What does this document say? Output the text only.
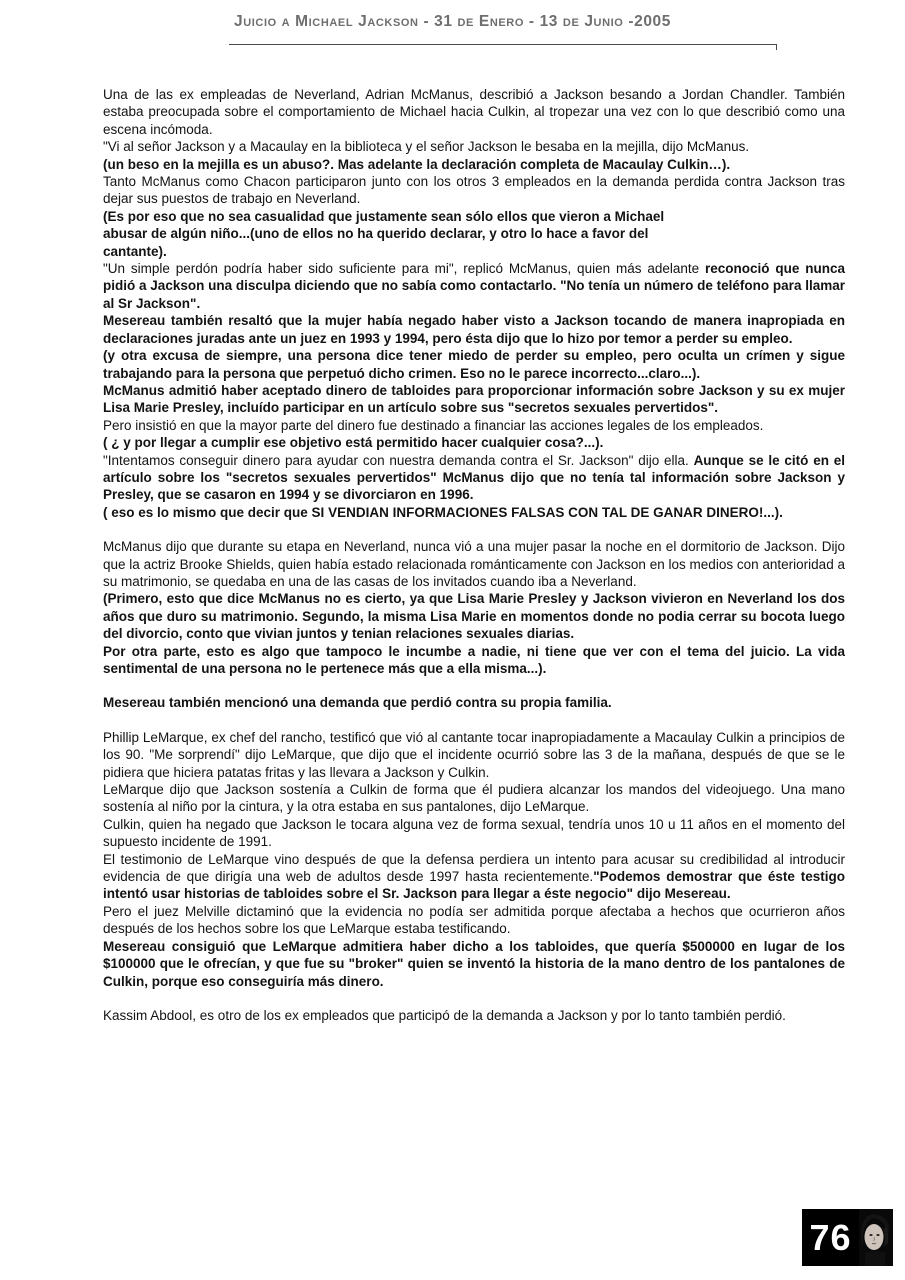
Juicio a Michael Jackson - 31 de Enero - 13 de Junio -2005

Una de las ex empleadas de Neverland, Adrian McManus, describió a Jackson besando a Jordan Chandler. También estaba preocupada sobre el comportamiento de Michael hacia Culkin, al tropezar una vez con lo que describió como una escena incómoda.

"Vi al señor Jackson y a Macaulay en la biblioteca y el señor Jackson le besaba en la mejilla, dijo McManus.

(un beso en la mejilla es un abuso?. Mas adelante la declaración completa de Macaulay Culkin…).

Tanto McManus como Chacon participaron junto con los otros 3 empleados en la demanda perdida contra Jackson tras dejar sus puestos de trabajo en Neverland.

(Es por eso que no sea casualidad que justamente sean sólo ellos que vieron a Michael

abusar de algún niño...(uno de ellos no ha querido declarar, y otro lo hace a favor del

cantante).

"Un simple perdón podría haber sido suficiente para mi", replicó McManus, quien más adelante reconoció que nunca pidió a Jackson una disculpa diciendo que no sabía como contactarlo. "No tenía un número de teléfono para llamar al Sr Jackson".

Mesereau también resaltó que la mujer había negado haber visto a Jackson tocando de manera inapropiada en declaraciones juradas ante un juez en 1993 y 1994, pero ésta dijo que lo hizo por temor a perder su empleo.

(y otra excusa de siempre, una persona dice tener miedo de perder su empleo, pero oculta un crímen y sigue trabajando para la persona que perpetuó dicho crimen. Eso no le parece incorrecto...claro...).

McManus admitió haber aceptado dinero de tabloides para proporcionar información sobre Jackson y su ex mujer Lisa Marie Presley, incluído participar en un artículo sobre sus "secretos sexuales pervertidos".

Pero insistió en que la mayor parte del dinero fue destinado a financiar las acciones legales de los empleados.

( ¿ y por llegar a cumplir ese objetivo está permitido hacer cualquier cosa?...).

"Intentamos conseguir dinero para ayudar con nuestra demanda contra el Sr. Jackson" dijo ella. Aunque se le citó en el artículo sobre los "secretos sexuales pervertidos" McManus dijo que no tenía tal información sobre Jackson y Presley, que se casaron en 1994 y se divorciaron en 1996.

( eso es lo mismo que decir que SI VENDIAN INFORMACIONES FALSAS CON TAL DE GANAR DINERO!...).

McManus dijo que durante su etapa en Neverland, nunca vió a una mujer pasar la noche en el dormitorio de Jackson. Dijo que la actriz Brooke Shields, quien había estado relacionada románticamente con Jackson en los medios con anterioridad a su matrimonio, se quedaba en una de las casas de los invitados cuando iba a Neverland.

(Primero, esto que dice McManus no es cierto, ya que Lisa Marie Presley y Jackson vivieron en Neverland los dos años que duro su matrimonio. Segundo, la misma Lisa Marie en momentos donde no podia cerrar su bocota luego del divorcio, conto que vivian juntos y tenian relaciones sexuales diarias.

Por otra parte, esto es algo que tampoco le incumbe a nadie, ni tiene que ver con el tema del juicio. La vida sentimental de una persona no le pertenece más que a ella misma...).

Mesereau también mencionó una demanda que perdió contra su propia familia.

Phillip LeMarque, ex chef del rancho, testificó que vió al cantante tocar inapropiadamente a Macaulay Culkin a principios de los 90. "Me sorprendí" dijo LeMarque, que dijo que el incidente ocurrió sobre las 3 de la mañana, después de que se le pidiera que hiciera patatas fritas y las llevara a Jackson y Culkin.

LeMarque dijo que Jackson sostenía a Culkin de forma que él pudiera alcanzar los mandos del videojuego. Una mano sostenía al niño por la cintura, y la otra estaba en sus pantalones, dijo LeMarque.

Culkin, quien ha negado que Jackson le tocara alguna vez de forma sexual, tendría unos 10 u 11 años en el momento del supuesto incidente de 1991.

El testimonio de LeMarque vino después de que la defensa perdiera un intento para acusar su credibilidad al introducir evidencia de que dirigía una web de adultos desde 1997 hasta recientemente."Podemos demostrar que éste testigo intentó usar historias de tabloides sobre el Sr. Jackson para llegar a éste negocio" dijo Mesereau.

Pero el juez Melville dictaminó que la evidencia no podía ser admitida porque afectaba a hechos que ocurrieron años después de los hechos sobre los que LeMarque estaba testificando.

Mesereau consiguió que LeMarque admitiera haber dicho a los tabloides, que quería $500000 en lugar de los $100000 que le ofrecían, y que fue su "broker" quien se inventó la historia de la mano dentro de los pantalones de Culkin, porque eso conseguiría más dinero.

Kassim Abdool, es otro de los ex empleados que participó de la demanda a Jackson y por lo tanto también perdió.

76
